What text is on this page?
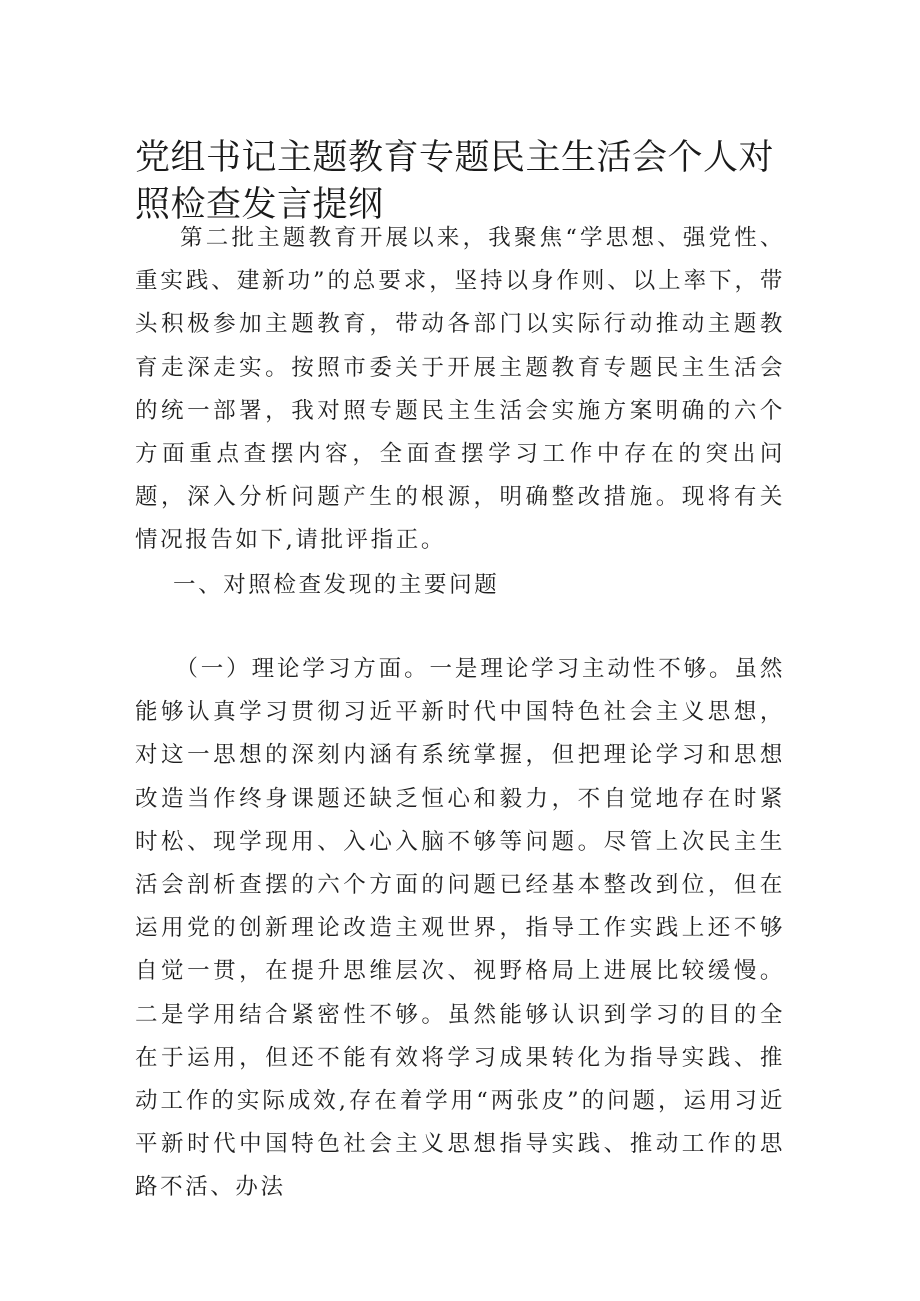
党组书记主题教育专题民主生活会个人对照检查发言提纲

第二批主题教育开展以来，我聚焦“学思想、强党性、重实践、建新功”的总要求，坚持以身作则、以上率下，带头积极参加主题教育，带动各部门以实际行动推动主题教育走深走实。按照市委关于开展主题教育专题民主生活会的统一部署，我对照专题民主生活会实施方案明确的六个方面重点查摆内容，全面查摆学习工作中存在的突出问题，深入分析问题产生的根源，明确整改措施。现将有关情况报告如下,请批评指正。

一、对照检查发现的主要问题

（一）理论学习方面。一是理论学习主动性不够。虽然能够认真学习贯彻习近平新时代中国特色社会主义思想，对这一思想的深刻内涵有系统掌握，但把理论学习和思想改造当作终身课题还缺乏恒心和毅力，不自觉地存在时紧时松、现学现用、入心入脑不够等问题。尽管上次民主生活会剖析查摆的六个方面的问题已经基本整改到位，但在运用党的创新理论改造主观世界，指导工作实践上还不够自觉一贯，在提升思维层次、视野格局上进展比较缓慢。二是学用结合紧密性不够。虽然能够认识到学习的目的全在于运用，但还不能有效将学习成果转化为指导实践、推动工作的实际成效,存在着学用“两张皮”的问题，运用习近平新时代中国特色社会主义思想指导实践、推动工作的思路不活、办法
